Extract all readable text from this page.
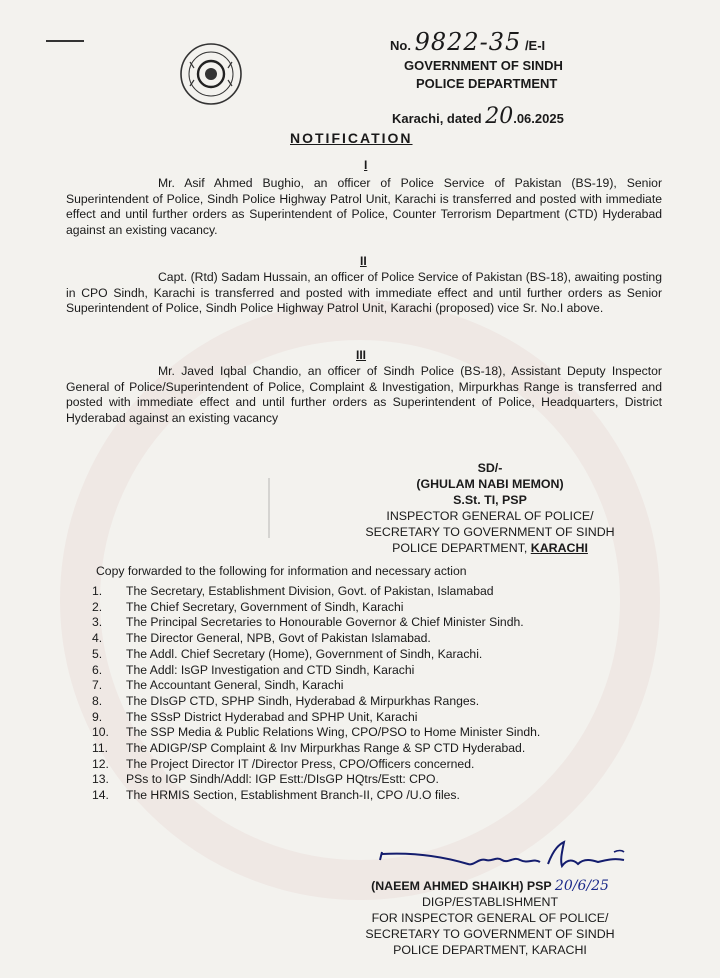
No. 9822-35 /E-I
GOVERNMENT OF SINDH
POLICE DEPARTMENT
Karachi, dated 20.06.2025
NOTIFICATION
I
Mr. Asif Ahmed Bughio, an officer of Police Service of Pakistan (BS-19), Senior Superintendent of Police, Sindh Police Highway Patrol Unit, Karachi is transferred and posted with immediate effect and until further orders as Superintendent of Police, Counter Terrorism Department (CTD) Hyderabad against an existing vacancy.
II
Capt. (Rtd) Sadam Hussain, an officer of Police Service of Pakistan (BS-18), awaiting posting in CPO Sindh, Karachi is transferred and posted with immediate effect and until further orders as Senior Superintendent of Police, Sindh Police Highway Patrol Unit, Karachi (proposed) vice Sr. No.I above.
III
Mr. Javed Iqbal Chandio, an officer of Sindh Police (BS-18), Assistant Deputy Inspector General of Police/Superintendent of Police, Complaint & Investigation, Mirpurkhas Range is transferred and posted with immediate effect and until further orders as Superintendent of Police, Headquarters, District Hyderabad against an existing vacancy
SD/-
(GHULAM NABI MEMON)
S.St. TI, PSP
INSPECTOR GENERAL OF POLICE/
SECRETARY TO GOVERNMENT OF SINDH
POLICE DEPARTMENT, KARACHI
Copy forwarded to the following for information and necessary action
1.	The Secretary, Establishment Division, Govt. of Pakistan, Islamabad
2.	The Chief Secretary, Government of Sindh, Karachi
3.	The Principal Secretaries to Honourable Governor & Chief Minister Sindh.
4.	The Director General, NPB, Govt of Pakistan Islamabad.
5.	The Addl. Chief Secretary (Home), Government of Sindh, Karachi.
6.	The Addl: IsGP Investigation and CTD Sindh, Karachi
7.	The Accountant General, Sindh, Karachi
8.	The DIsGP CTD, SPHP Sindh, Hyderabad & Mirpurkhas Ranges.
9.	The SSsP District Hyderabad and SPHP Unit, Karachi
10.	The SSP Media & Public Relations Wing, CPO/PSO to Home Minister Sindh.
11.	The ADIGP/SP Complaint & Inv Mirpurkhas Range & SP CTD Hyderabad.
12.	The Project Director IT /Director Press, CPO/Officers concerned.
13.	PSs to IGP Sindh/Addl: IGP Estt:/DIsGP HQtrs/Estt: CPO.
14.	The HRMIS Section, Establishment Branch-II, CPO /U.O files.
(NAEEM AHMED SHAIKH) PSP 20/6/25
DIGP/ESTABLISHMENT
FOR INSPECTOR GENERAL OF POLICE/
SECRETARY TO GOVERNMENT OF SINDH
POLICE DEPARTMENT, KARACHI
